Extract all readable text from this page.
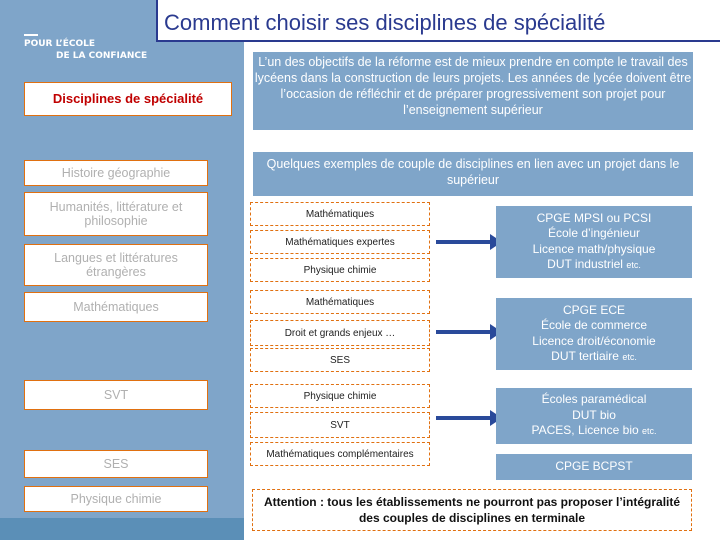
POUR L’ÉCOLE
DE LA CONFIANCE
Comment choisir ses disciplines de spécialité
Disciplines de spécialité
Histoire géographie
Humanités, littérature et philosophie
Langues et littératures étrangères
Mathématiques
SVT
SES
Physique chimie
L’un des objectifs de la réforme est de mieux prendre en compte le travail des lycéens dans la construction de leurs projets. Les années de lycée doivent être l’occasion de réfléchir et de préparer progressivement son projet pour l’enseignement supérieur
Quelques exemples de couple de disciplines en lien avec un projet dans le supérieur
Mathématiques
Mathématiques expertes
Physique chimie
Mathématiques
Droit et grands enjeux …
SES
Physique chimie
SVT
Mathématiques complémentaires
CPGE MPSI ou PCSI
École d’ingénieur
Licence math/physique
DUT industriel etc.
CPGE ECE
École de commerce
Licence droit/économie
DUT tertiaire etc.
Écoles paramédical
DUT bio
PACES, Licence bio etc.
CPGE BCPST
Attention : tous les établissements ne pourront pas proposer l’intégralité des couples de disciplines en terminale
